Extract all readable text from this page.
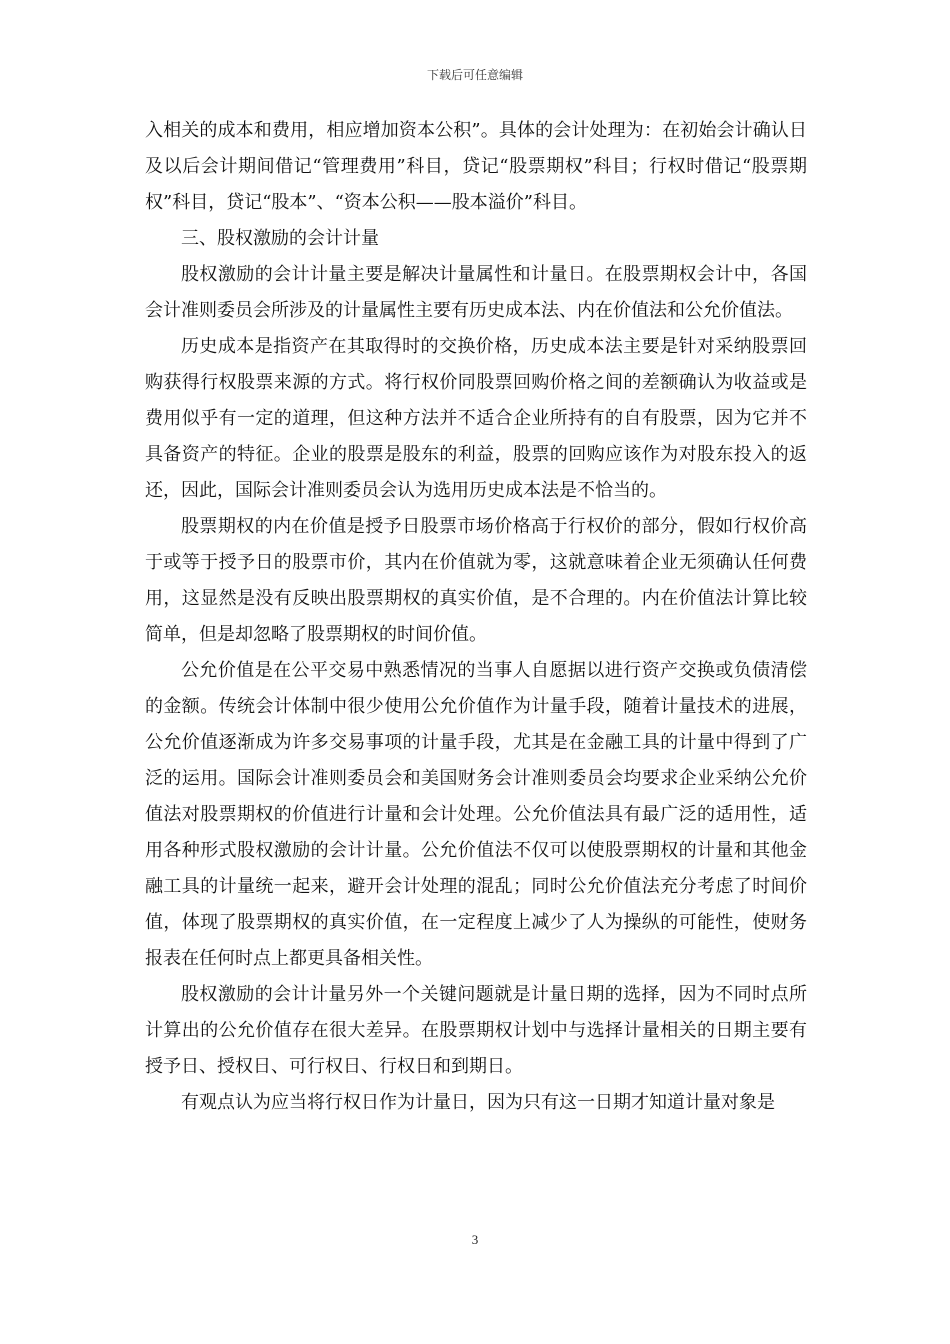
下载后可任意编辑

入相关的成本和费用，相应增加资本公积”。具体的会计处理为：在初始会计确认日及以后会计期间借记“管理费用”科目，贷记“股票期权”科目；行权时借记“股票期权”科目，贷记“股本”、“资本公积——股本溢价”科目。

三、股权激励的会计计量

股权激励的会计计量主要是解决计量属性和计量日。在股票期权会计中，各国会计准则委员会所涉及的计量属性主要有历史成本法、内在价值法和公允价值法。

历史成本是指资产在其取得时的交换价格，历史成本法主要是针对采纳股票回购获得行权股票来源的方式。将行权价同股票回购价格之间的差额确认为收益或是费用似乎有一定的道理，但这种方法并不适合企业所持有的自有股票，因为它并不具备资产的特征。企业的股票是股东的利益，股票的回购应该作为对股东投入的返还，因此，国际会计准则委员会认为选用历史成本法是不恰当的。

股票期权的内在价值是授予日股票市场价格高于行权价的部分，假如行权价高于或等于授予日的股票市价，其内在价值就为零，这就意味着企业无须确认任何费用，这显然是没有反映出股票期权的真实价值，是不合理的。内在价值法计算比较简单，但是却忽略了股票期权的时间价值。

公允价值是在公平交易中熟悉情况的当事人自愿据以进行资产交换或负债清偿的金额。传统会计体制中很少使用公允价值作为计量手段，随着计量技术的进展，公允价值逐渐成为许多交易事项的计量手段，尤其是在金融工具的计量中得到了广泛的运用。国际会计准则委员会和美国财务会计准则委员会均要求企业采纳公允价值法对股票期权的价值进行计量和会计处理。公允价值法具有最广泛的适用性，适用各种形式股权激励的会计计量。公允价值法不仅可以使股票期权的计量和其他金融工具的计量统一起来，避开会计处理的混乱；同时公允价值法充分考虑了时间价值，体现了股票期权的真实价值，在一定程度上减少了人为操纵的可能性，使财务报表在任何时点上都更具备相关性。

股权激励的会计计量另外一个关键问题就是计量日期的选择，因为不同时点所计算出的公允价值存在很大差异。在股票期权计划中与选择计量相关的日期主要有授予日、授权日、可行权日、行权日和到期日。

有观点认为应当将行权日作为计量日，因为只有这一日期才知道计量对象是

3
